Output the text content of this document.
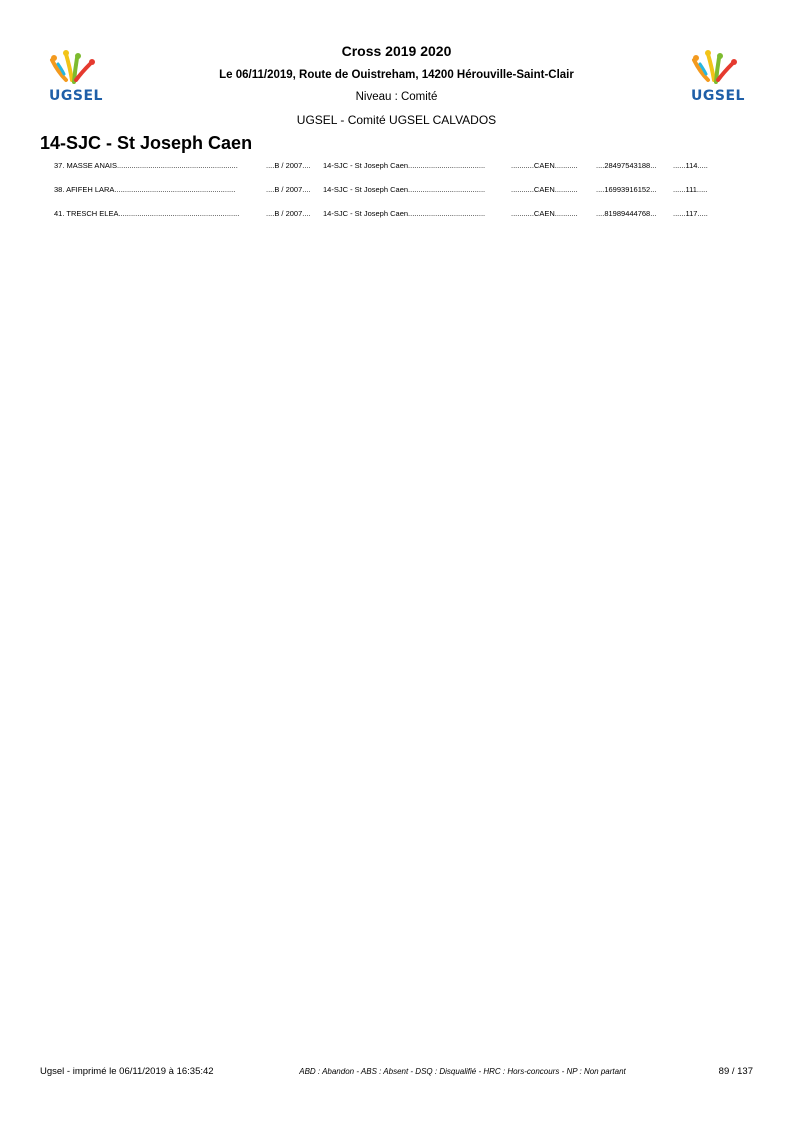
UGSEL	UGSEL
Cross 2019 2020
Le 06/11/2019, Route de Ouistreham, 14200 Hérouville-Saint-Clair
Niveau : Comité
UGSEL - Comité UGSEL CALVADOS
14-SJC - St Joseph Caen
37. MASSE ANAIS..........................................................	....B / 2007....	14-SJC - St Joseph Caen.....................................	...........CAEN...........	....28497543188...	......114.....
38. AFIFEH LARA..........................................................	....B / 2007....	14-SJC - St Joseph Caen.....................................	...........CAEN...........	....16993916152...	......111.....
41. TRESCH ELEA..........................................................	....B / 2007....	14-SJC - St Joseph Caen.....................................	...........CAEN...........	....81989444768...	......117.....
Ugsel - imprimé le 06/11/2019 à 16:35:42	ABD : Abandon - ABS : Absent - DSQ : Disqualifié - HRC : Hors-concours - NP : Non partant	89 / 137
